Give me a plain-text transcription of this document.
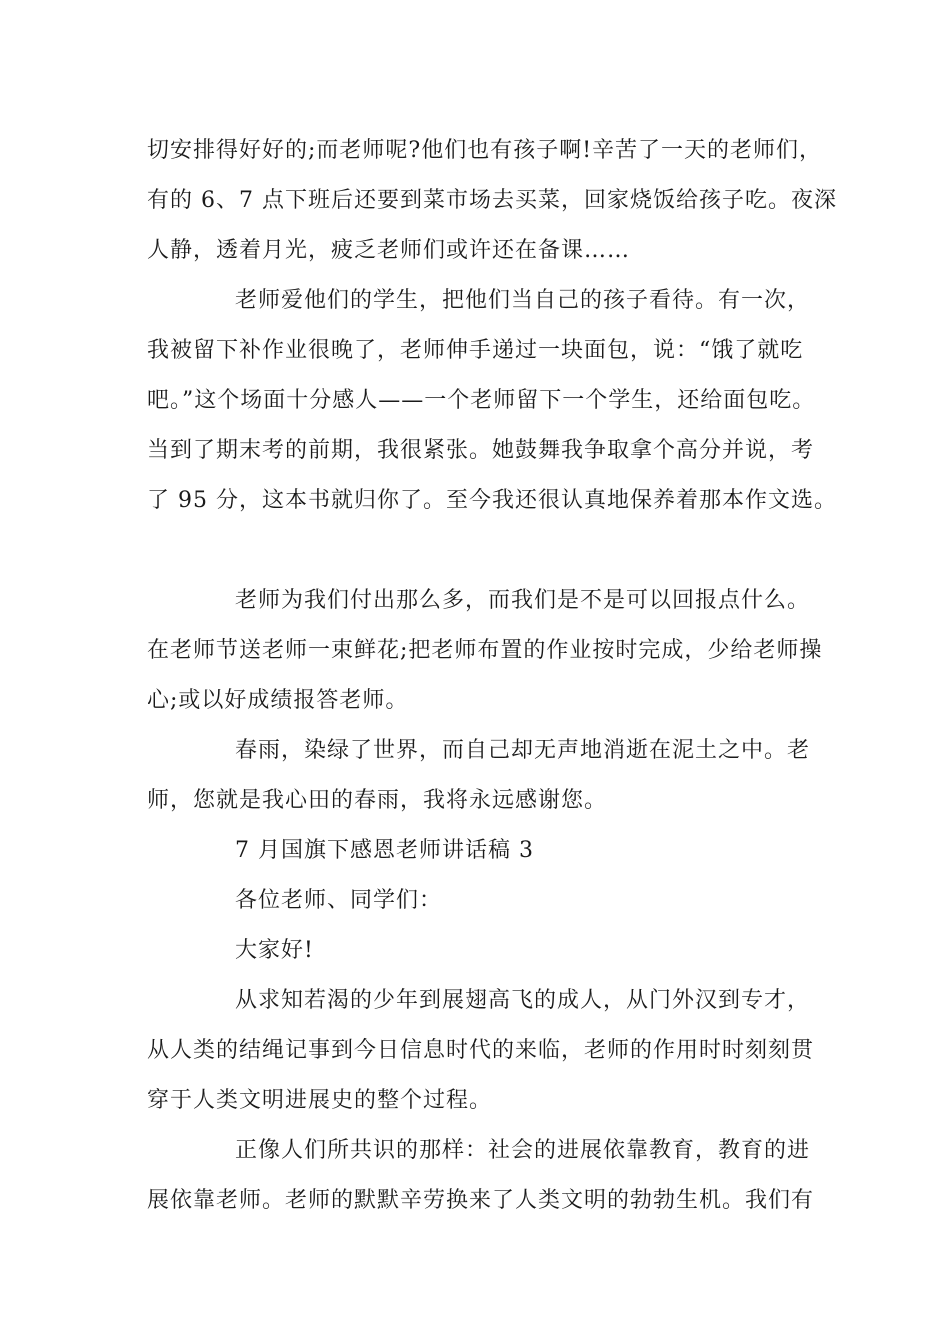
切安排得好好的;而老师呢?他们也有孩子啊!辛苦了一天的老师们，
有的 6、7 点下班后还要到菜市场去买菜，回家烧饭给孩子吃。夜深
人静，透着月光，疲乏老师们或许还在备课……

老师爱他们的学生，把他们当自己的孩子看待。有一次，
我被留下补作业很晚了，老师伸手递过一块面包，说：“饿了就吃
吧。”这个场面十分感人——一个老师留下一个学生，还给面包吃。
当到了期末考的前期，我很紧张。她鼓舞我争取拿个高分并说，考
了 95 分，这本书就归你了。至今我还很认真地保养着那本作文选。

老师为我们付出那么多，而我们是不是可以回报点什么。
在老师节送老师一束鲜花;把老师布置的作业按时完成，少给老师操
心;或以好成绩报答老师。

春雨，染绿了世界，而自己却无声地消逝在泥土之中。老
师，您就是我心田的春雨，我将永远感谢您。

7 月国旗下感恩老师讲话稿 3

各位老师、同学们：

大家好!

从求知若渴的少年到展翅高飞的成人，从门外汉到专才，
从人类的结绳记事到今日信息时代的来临，老师的作用时时刻刻贯
穿于人类文明进展史的整个过程。

正像人们所共识的那样：社会的进展依靠教育，教育的进
展依靠老师。老师的默默辛劳换来了人类文明的勃勃生机。我们有
